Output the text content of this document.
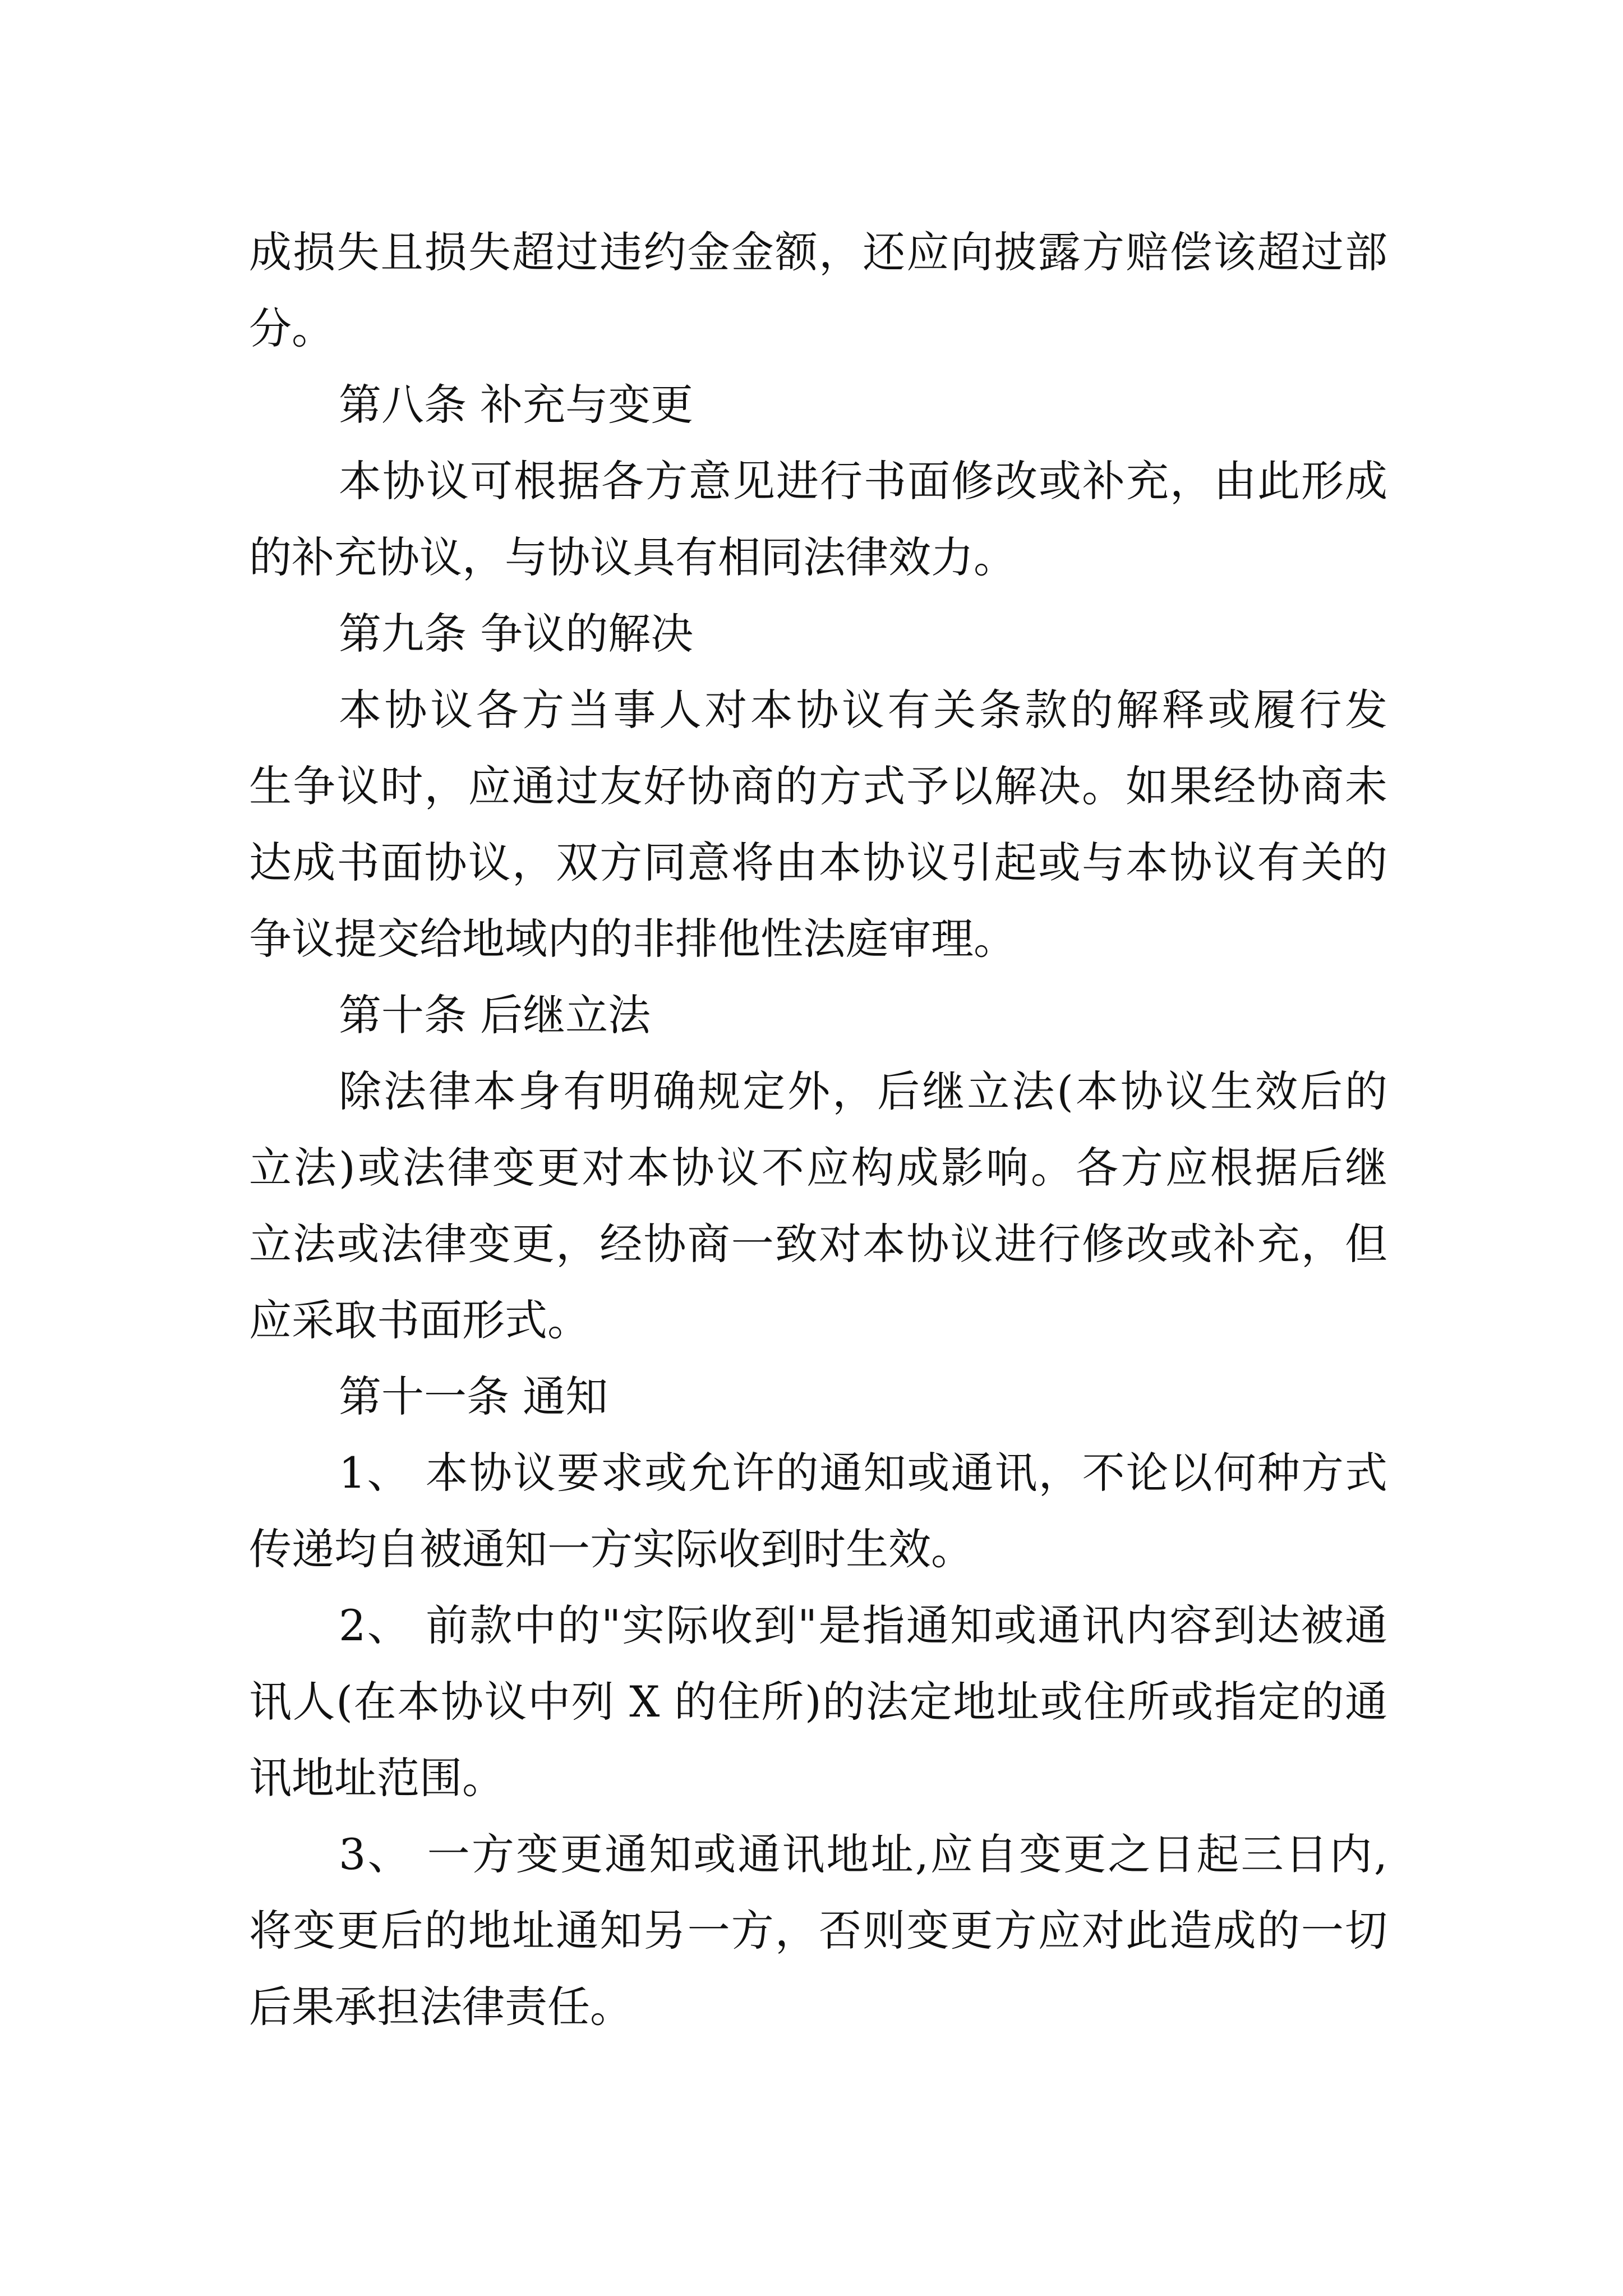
成损失且损失超过违约金金额，还应向披露方赔偿该超过部
分。
第八条 补充与变更
本协议可根据各方意见进行书面修改或补充，由此形成
的补充协议，与协议具有相同法律效力。
第九条 争议的解决
本协议各方当事人对本协议有关条款的解释或履行发
生争议时，应通过友好协商的方式予以解决。如果经协商未
达成书面协议，双方同意将由本协议引起或与本协议有关的
争议提交给地域内的非排他性法庭审理。
第十条 后继立法
除法律本身有明确规定外，后继立法(本协议生效后的
立法)或法律变更对本协议不应构成影响。各方应根据后继
立法或法律变更，经协商一致对本协议进行修改或补充，但
应采取书面形式。
第十一条 通知
1、 本协议要求或允许的通知或通讯，不论以何种方式
传递均自被通知一方实际收到时生效。
2、 前款中的"实际收到"是指通知或通讯内容到达被通
讯人(在本协议中列 X 的住所)的法定地址或住所或指定的通
讯地址范围。
3、 一方变更通知或通讯地址,应自变更之日起三日内,
将变更后的地址通知另一方，否则变更方应对此造成的一切
后果承担法律责任。
